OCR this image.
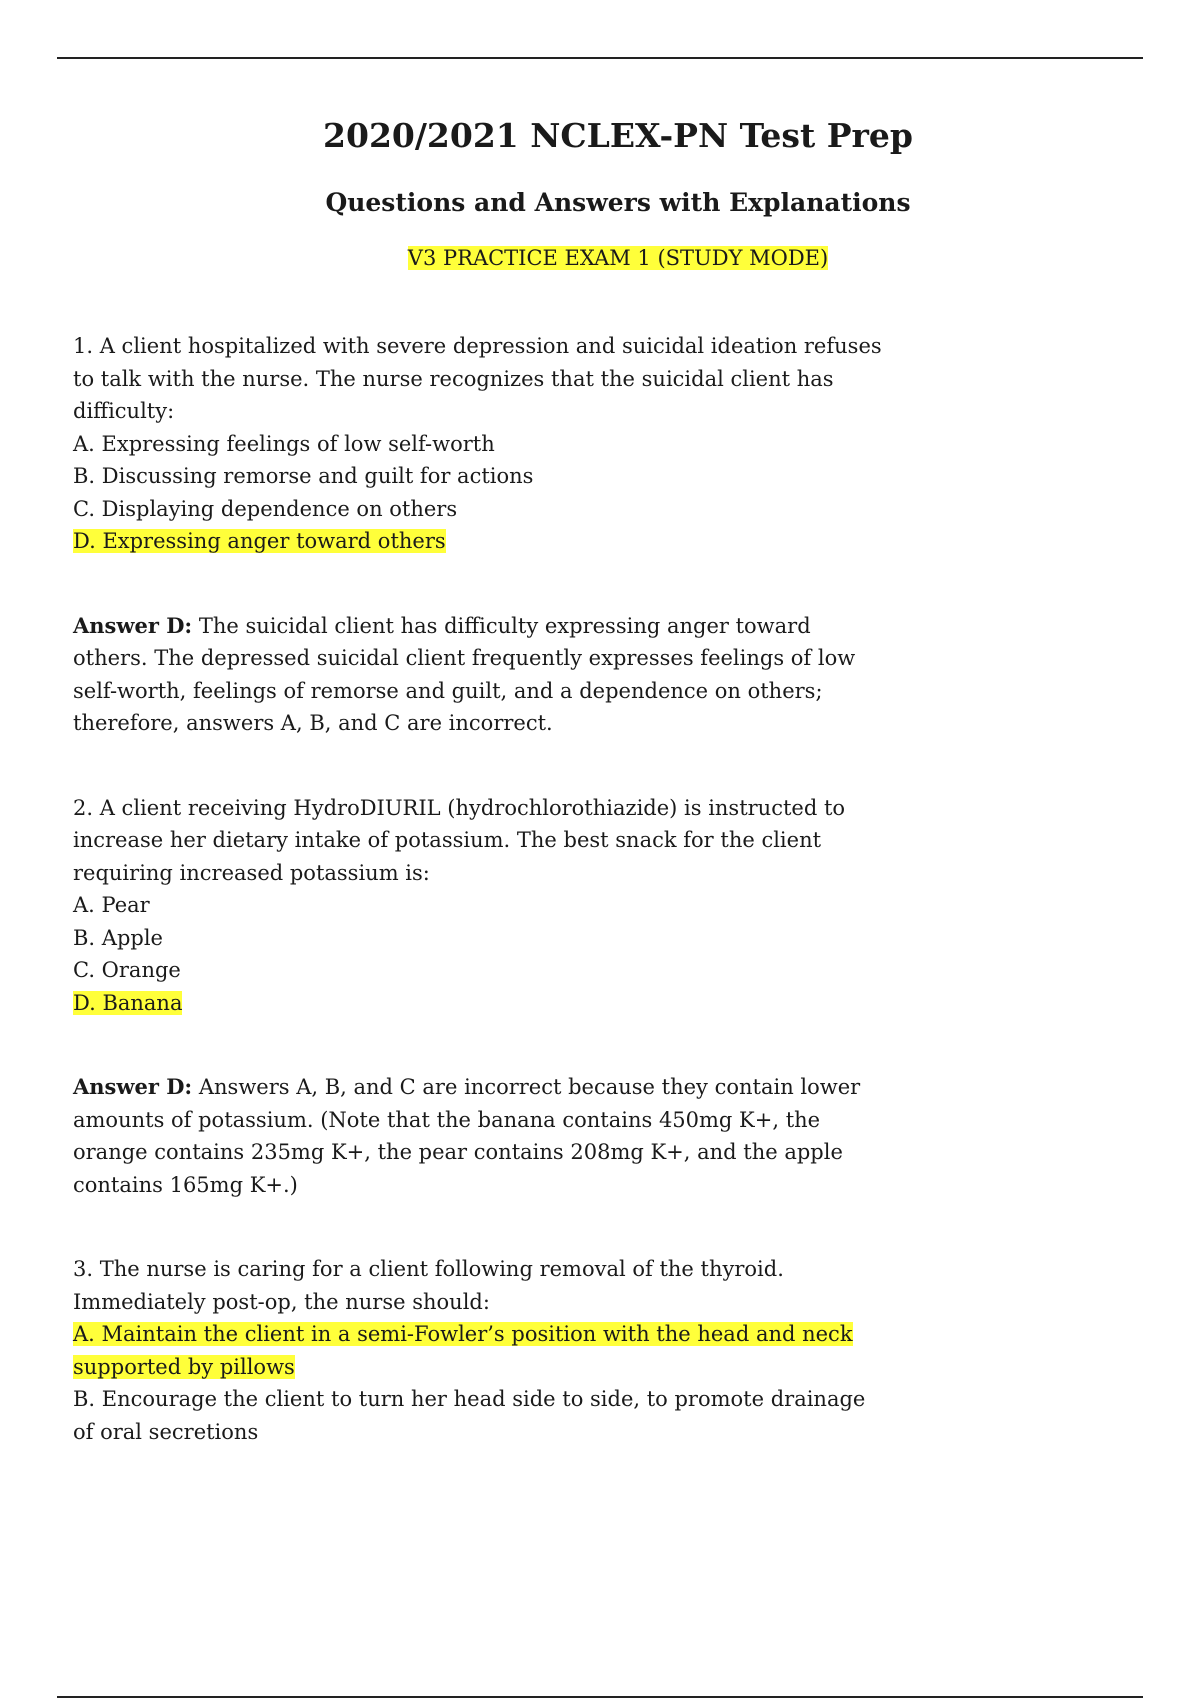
2020/2021 NCLEX-PN Test Prep
Questions and Answers with Explanations
V3 PRACTICE EXAM 1 (STUDY MODE)

1. A client hospitalized with severe depression and suicidal ideation refuses to talk with the nurse. The nurse recognizes that the suicidal client has difficulty:

A. Expressing feelings of low self-worth

B. Discussing remorse and guilt for actions

C. Displaying dependence on others

D. Expressing anger toward others

Answer D: The suicidal client has difficulty expressing anger toward others. The depressed suicidal client frequently expresses feelings of low self-worth, feelings of remorse and guilt, and a dependence on others; therefore, answers A, B, and C are incorrect.

2. A client receiving HydroDIURIL (hydrochlorothiazide) is instructed to increase her dietary intake of potassium. The best snack for the client requiring increased potassium is:

A. Pear

B. Apple

C. Orange

D. Banana

Answer D: Answers A, B, and C are incorrect because they contain lower amounts of potassium. (Note that the banana contains 450mg K+, the orange contains 235mg K+, the pear contains 208mg K+, and the apple contains 165mg K+.)

3. The nurse is caring for a client following removal of the thyroid. Immediately post-op, the nurse should:

A. Maintain the client in a semi-Fowler’s position with the head and neck supported by pillows

B. Encourage the client to turn her head side to side, to promote drainage of oral secretions
